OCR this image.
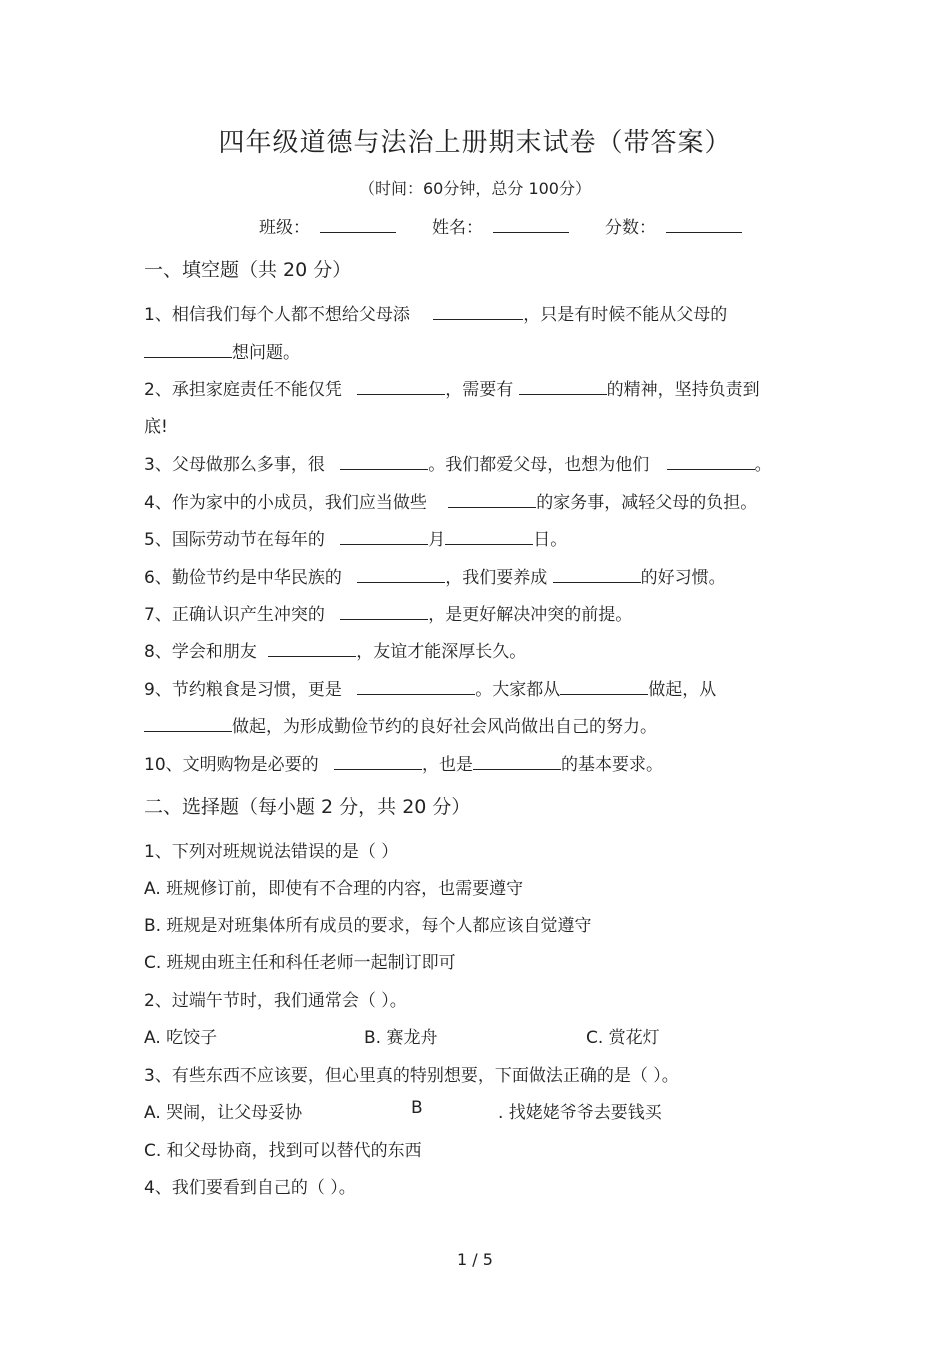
四年级道德与法治上册期末试卷（带答案）
（时间：60分钟，总分 100分）
班级：	姓名：	分数：
一、填空题（共 20 分）
1、相信我们每个人都不想给父母添	，只是有时候不能从父母的
想问题。
2、承担家庭责任不能仅凭	，需要有	的精神，坚持负责到
底!
3、父母做那么多事，很	。我们都爱父母，也想为他们	。
4、作为家中的小成员，我们应当做些	的家务事，减轻父母的负担。
5、国际劳动节在每年的	月	日。
6、勤俭节约是中华民族的	，我们要养成	的好习惯。
7、正确认识产生冲突的	，是更好解决冲突的前提。
8、学会和朋友	，友谊才能深厚长久。
9、节约粮食是习惯，更是	。大家都从	做起，从
做起，为形成勤俭节约的良好社会风尚做出自己的努力。
10、文明购物是必要的	，也是	的基本要求。
二、选择题（每小题 2 分，共 20 分）
1、下列对班规说法错误的是（ ）
A. 班规修订前，即使有不合理的内容，也需要遵守
B. 班规是对班集体所有成员的要求，每个人都应该自觉遵守
C. 班规由班主任和科任老师一起制订即可
2、过端午节时，我们通常会（ ）。
A. 吃饺子	B. 赛龙舟	C. 赏花灯
3、有些东西不应该要，但心里真的特别想要，下面做法正确的是（ ）。
A. 哭闹，让父母妥协	B	. 找姥姥爷爷去要钱买
C. 和父母协商，找到可以替代的东西
4、我们要看到自己的（ ）。
1 / 5
